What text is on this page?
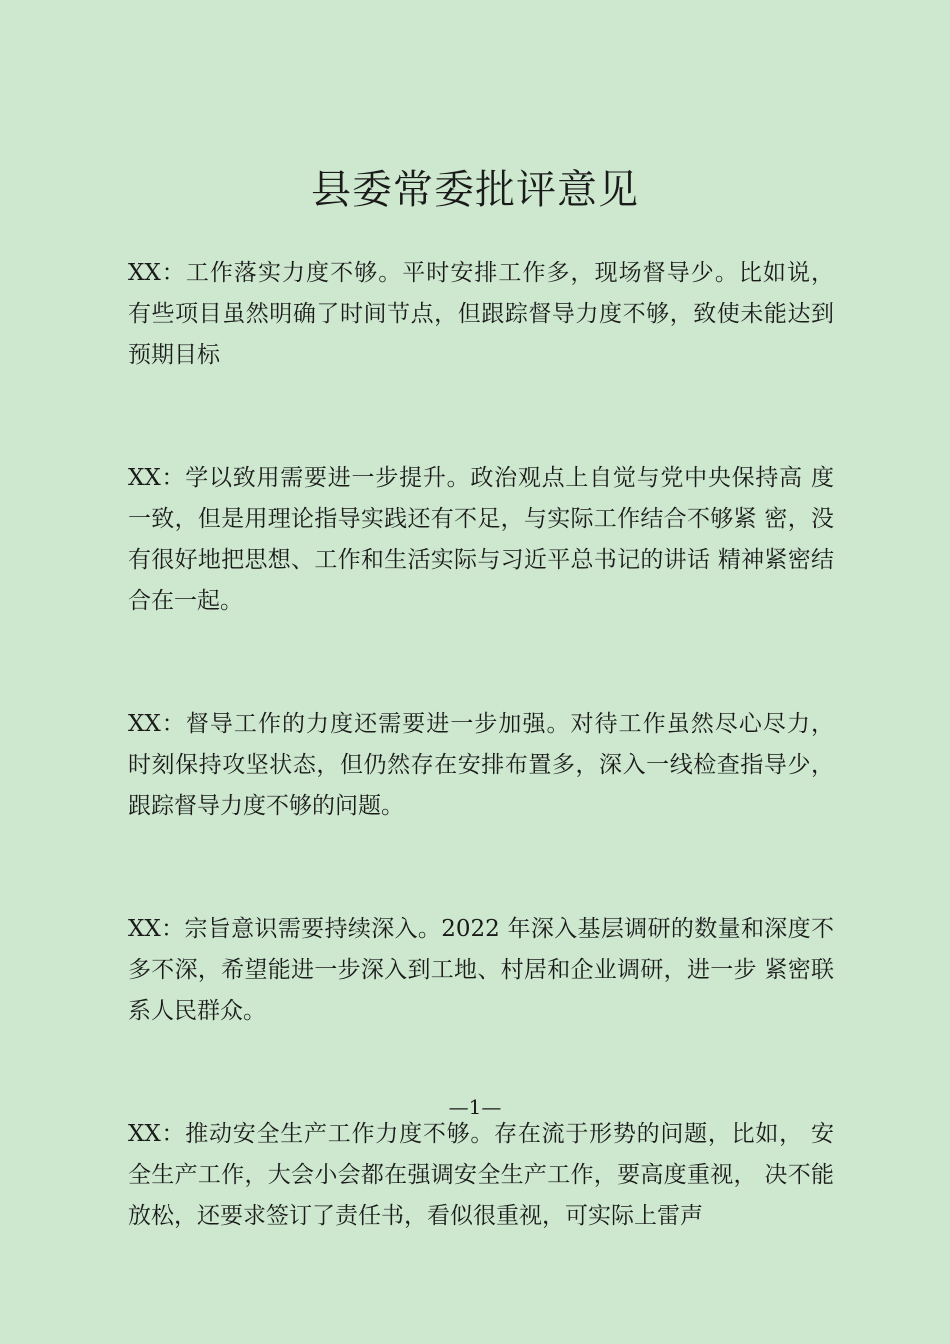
县委常委批评意见

XX：工作落实力度不够。平时安排工作多，现场督导少。比如说， 有些项目虽然明确了时间节点，但跟踪督导力度不够，致使未能达到预期目标

XX：学以致用需要进一步提升。政治观点上自觉与党中央保持高 度一致，但是用理论指导实践还有不足，与实际工作结合不够紧 密，没有很好地把思想、工作和生活实际与习近平总书记的讲话 精神紧密结合在一起。

XX：督导工作的力度还需要进一步加强。对待工作虽然尽心尽力， 时刻保持攻坚状态，但仍然存在安排布置多，深入一线检查指导少，跟踪督导力度不够的问题。

XX：宗旨意识需要持续深入。2022 年深入基层调研的数量和深度不多不深，希望能进一步深入到工地、村居和企业调研，进一步 紧密联系人民群众。

XX：推动安全生产工作力度不够。存在流于形势的问题，比如， 安全生产工作，大会小会都在强调安全生产工作，要高度重视， 决不能放松，还要求签订了责任书，看似很重视，可实际上雷声

—1—
